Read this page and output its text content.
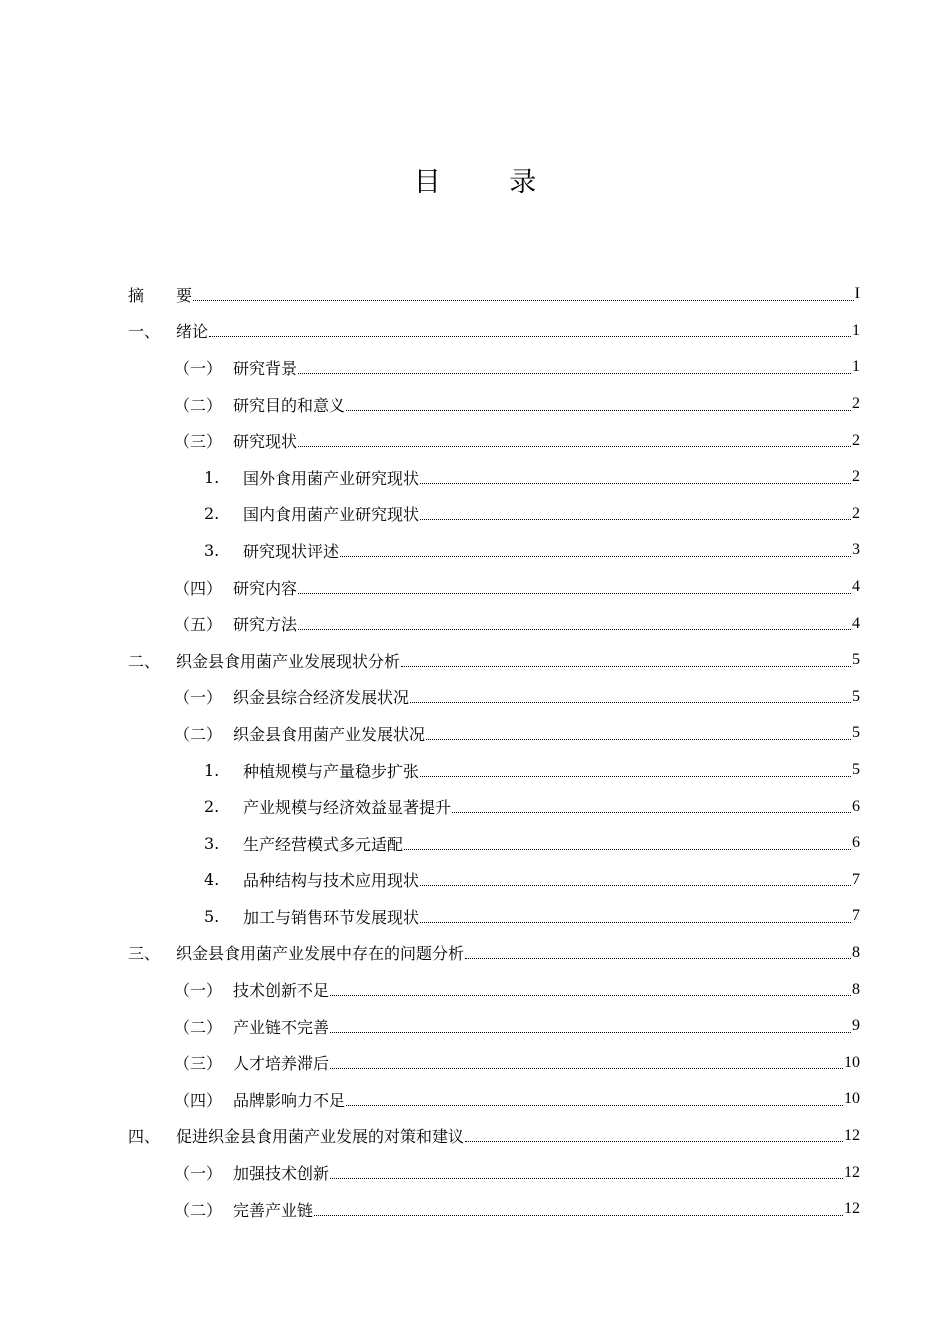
目 录
摘	要	I
一、 绪论	1
（一） 研究背景	1
（二） 研究目的和意义	2
（三） 研究现状	2
1.	国外食用菌产业研究现状	2
2.	国内食用菌产业研究现状	2
3.	研究现状评述	3
（四） 研究内容	4
（五） 研究方法	4
二、 织金县食用菌产业发展现状分析	5
（一） 织金县综合经济发展状况	5
（二） 织金县食用菌产业发展状况	5
1.	种植规模与产量稳步扩张	5
2.	产业规模与经济效益显著提升	6
3.	生产经营模式多元适配	6
4.	品种结构与技术应用现状	7
5.	加工与销售环节发展现状	7
三、 织金县食用菌产业发展中存在的问题分析	8
（一） 技术创新不足	8
（二） 产业链不完善	9
（三） 人才培养滞后	10
（四） 品牌影响力不足	10
四、 促进织金县食用菌产业发展的对策和建议	12
（一） 加强技术创新	12
（二） 完善产业链	12
